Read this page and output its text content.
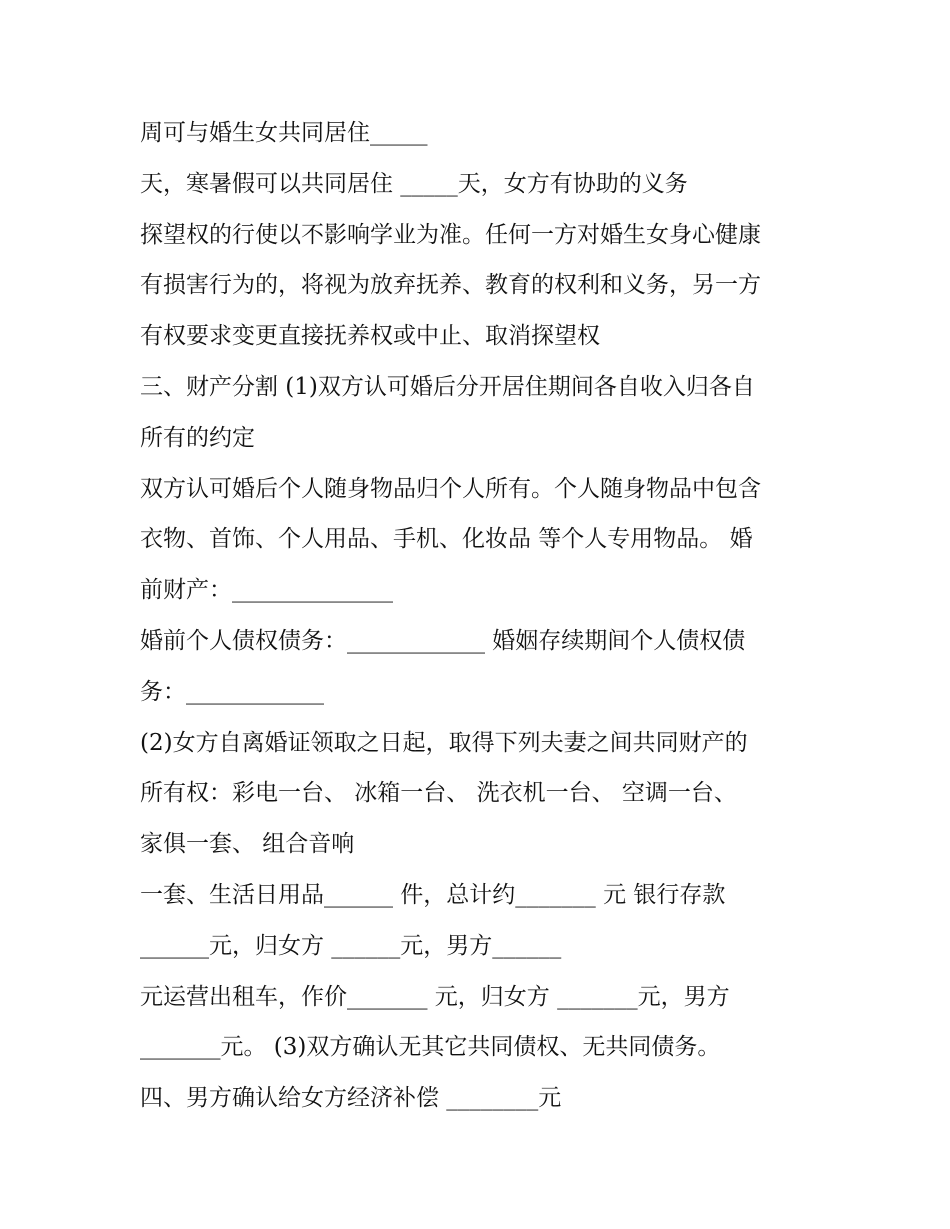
周可与婚生女共同居住_____

天，寒暑假可以共同居住 _____天，女方有协助的义务

探望权的行使以不影响学业为准。任何一方对婚生女身心健康

有损害行为的，将视为放弃抚养、教育的权利和义务，另一方

有权要求变更直接抚养权或中止、取消探望权

三、财产分割 (1)双方认可婚后分开居住期间各自收入归各自

所有的约定

双方认可婚后个人随身物品归个人所有。个人随身物品中包含

衣物、首饰、个人用品、手机、化妆品 等个人专用物品。 婚

前财产：______________

婚前个人债权债务：____________ 婚姻存续期间个人债权债

务：____________

(2)女方自离婚证领取之日起，取得下列夫妻之间共同财产的

所有权：彩电一台、 冰箱一台、 洗衣机一台、 空调一台、

家俱一套、 组合音响

一套、生活日用品______ 件，总计约_______ 元 银行存款

______元，归女方 ______元，男方______

元运营出租车，作价_______ 元，归女方 _______元，男方

_______元。 (3)双方确认无其它共同债权、无共同债务。

四、男方确认给女方经济补偿 ________元
